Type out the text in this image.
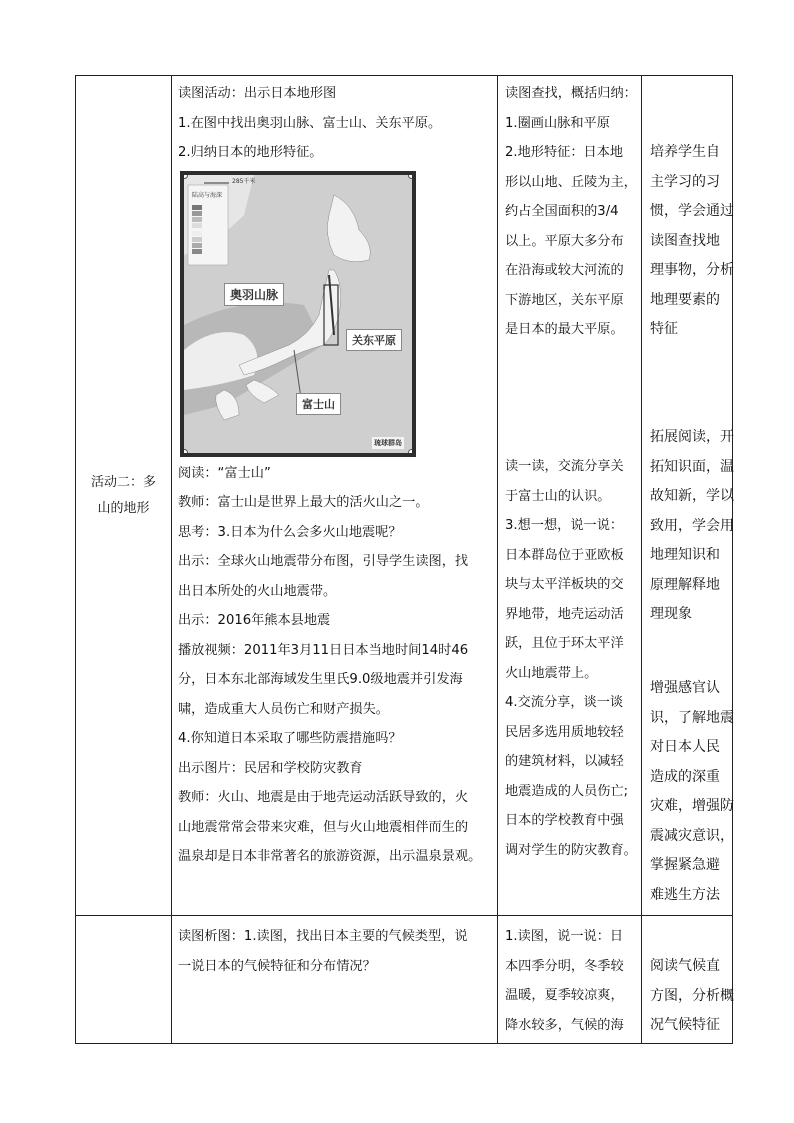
活动二：多
山的地形

读图活动：出示日本地形图

1.在图中找出奥羽山脉、富士山、关东平原。

2.归纳日本的地形特征。

陆高与海深
285千米
奥羽山脉
关东平原
富士山
琉球群岛

阅读：“富士山”

教师：富士山是世界上最大的活火山之一。

思考：3.日本为什么会多火山地震呢？

出示：全球火山地震带分布图，引导学生读图，找

出日本所处的火山地震带。

出示：2016年熊本县地震

播放视频：2011年3月11日日本当地时间14时46

分，日本东北部海域发生里氏9.0级地震并引发海

啸，造成重大人员伤亡和财产损失。

4.你知道日本采取了哪些防震措施吗？

出示图片：民居和学校防灾教育

教师：火山、地震是由于地壳运动活跃导致的，火

山地震常常会带来灾难，但与火山地震相伴而生的

温泉却是日本非常著名的旅游资源，出示温泉景观。

读图查找，概括归纳：

1.圈画山脉和平原

2.地形特征：日本地

形以山地、丘陵为主，

约占全国面积的3/4

以上。平原大多分布

在沿海或较大河流的

下游地区，关东平原

是日本的最大平原。

读一读，交流分享关

于富士山的认识。

3.想一想，说一说：

日本群岛位于亚欧板

块与太平洋板块的交

界地带，地壳运动活

跃，且位于环太平洋

火山地震带上。

4.交流分享，谈一谈

民居多选用质地较轻

的建筑材料，以减轻

地震造成的人员伤亡;

日本的学校教育中强

调对学生的防灾教育。

培养学生自

主学习的习

惯，学会通过

读图查找地

理事物，分析

地理要素的

特征

拓展阅读，开

拓知识面，温

故知新，学以

致用，学会用

地理知识和

原理解释地

理现象

增强感官认

识，了解地震

对日本人民

造成的深重

灾难，增强防

震减灾意识，

掌握紧急避

难逃生方法

读图析图：1.读图，找出日本主要的气候类型，说

一说日本的气候特征和分布情况？

1.读图，说一说：日

本四季分明，冬季较

温暖，夏季较凉爽，

降水较多，气候的海

阅读气候直

方图，分析概

况气候特征
